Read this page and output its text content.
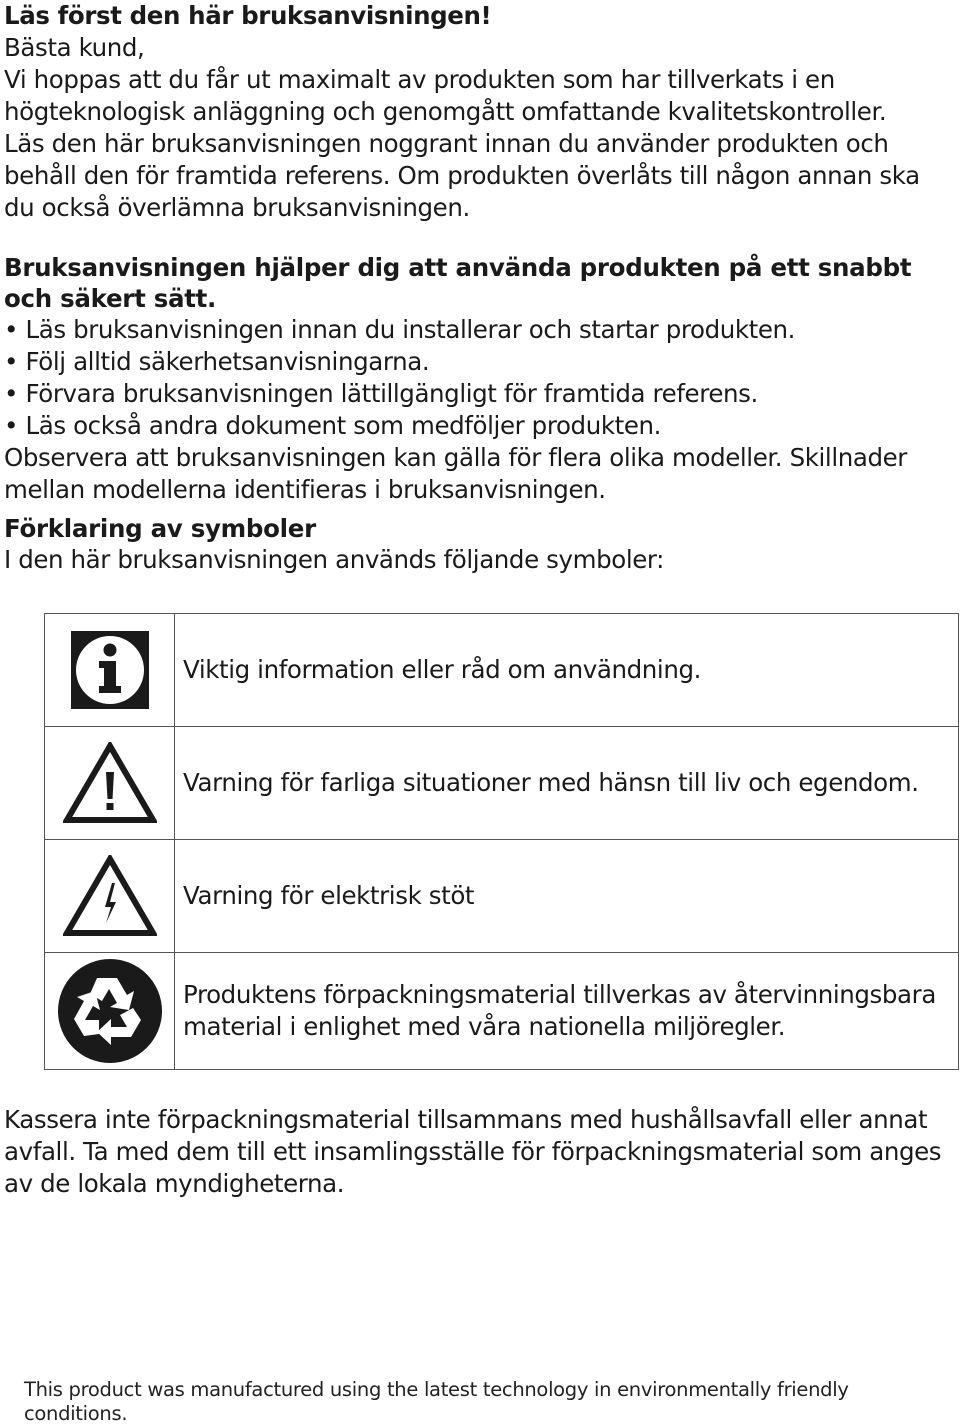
Läs först den här bruksanvisningen!

Bästa kund,
Vi hoppas att du får ut maximalt av produkten som har tillverkats i en högteknologisk anläggning och genomgått omfattande kvalitetskontroller.
Läs den här bruksanvisningen noggrant innan du använder produkten och behåll den för framtida referens. Om produkten överlåts till någon annan ska du också överlämna bruksanvisningen.

Bruksanvisningen hjälper dig att använda produkten på ett snabbt och säkert sätt.
• Läs bruksanvisningen innan du installerar och startar produkten.
• Följ alltid säkerhetsanvisningarna.
• Förvara bruksanvisningen lättillgängligt för framtida referens.
• Läs också andra dokument som medföljer produkten.

Observera att bruksanvisningen kan gälla för flera olika modeller. Skillnader mellan modellerna identifieras i bruksanvisningen.

Förklaring av symboler

I den här bruksanvisningen används följande symboler:

	Viktig information eller råd om användning.

	Varning för farliga situationer med hänsn till liv och egendom.

	Varning för elektrisk stöt

	Produktens förpackningsmaterial tillverkas av återvinningsbara material i enlighet med våra nationella miljöregler.

Kassera inte förpackningsmaterial tillsammans med hushållsavfall eller annat avfall. Ta med dem till ett insamlingsställe för förpackningsmaterial som anges av de lokala myndigheterna.

This product was manufactured using the latest technology in environmentally friendly conditions.
